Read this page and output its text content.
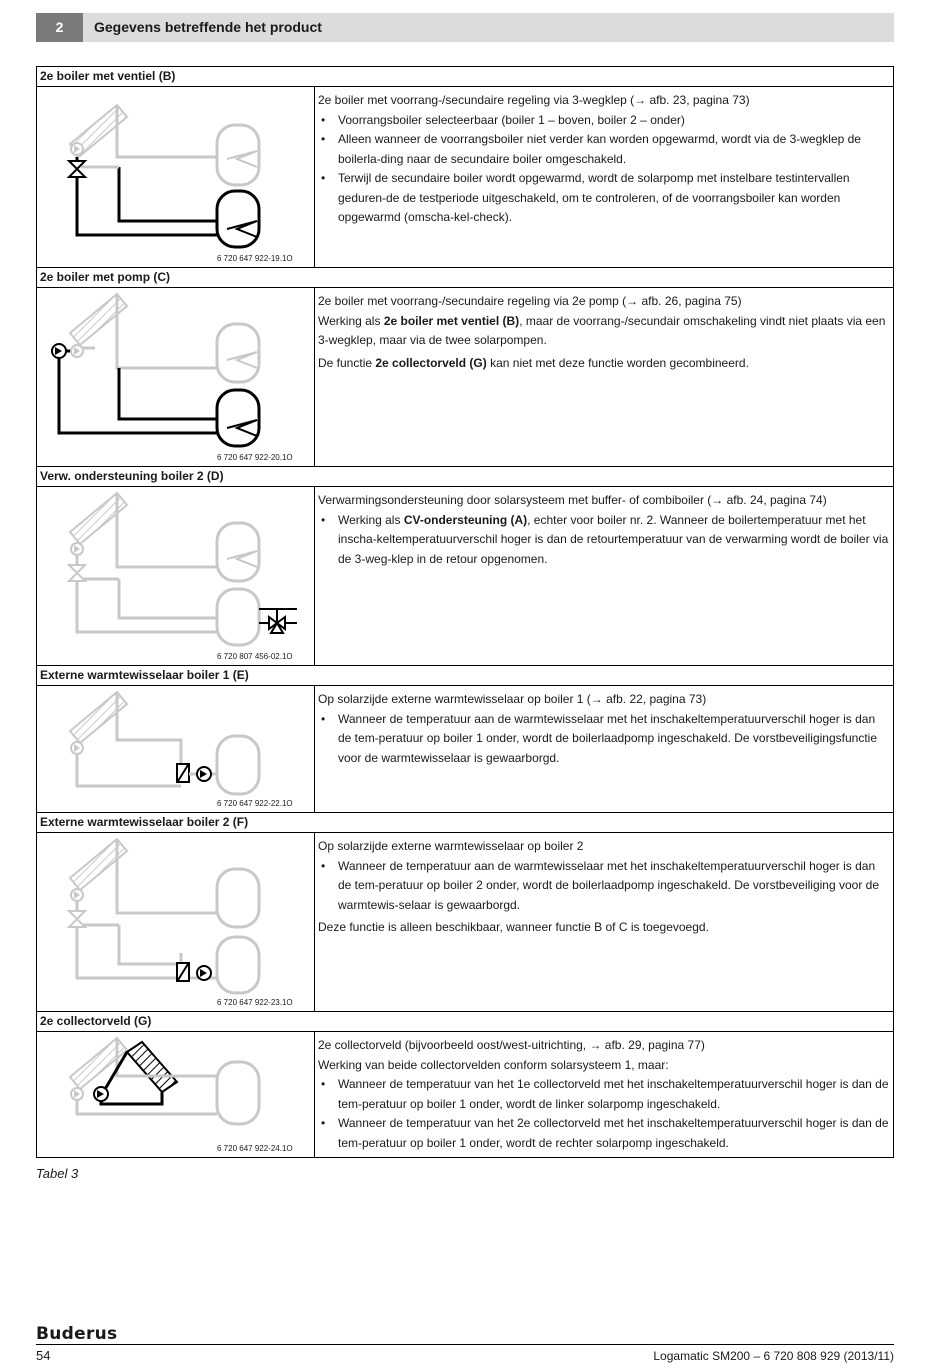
2	Gegevens betreffende het product
2e boiler met ventiel (B)
6 720 647 922-19.1O

2e boiler met voorrang-/secundaire regeling via 3-wegklep (→ afb. 23, pagina 73)

• Voorrangsboiler selecteerbaar (boiler 1 – boven, boiler 2 – onder)
• Alleen wanneer de voorrangsboiler niet verder kan worden opgewarmd, wordt via de 3-wegklep de boilerla-ding naar de secundaire boiler omgeschakeld.
• Terwijl de secundaire boiler wordt opgewarmd, wordt de solarpomp met instelbare testintervallen geduren-de de testperiode uitgeschakeld, om te controleren, of de voorrangsboiler kan worden opgewarmd (omscha-kel-check).
2e boiler met pomp (C)
6 720 647 922-20.1O

2e boiler met voorrang-/secundaire regeling via 2e pomp (→ afb. 26, pagina 75)

Werking als 2e boiler met ventiel (B), maar de voorrang-/secundair omschakeling vindt niet plaats via een 3-wegklep, maar via de twee solarpompen.

De functie 2e collectorveld (G) kan niet met deze functie worden gecombineerd.

Verw. ondersteuning boiler 2 (D)
6 720 807 456-02.1O

Verwarmingsondersteuning door solarsysteem met buffer- of combiboiler (→ afb. 24, pagina 74)

• Werking als CV-ondersteuning (A), echter voor boiler nr. 2. Wanneer de boilertemperatuur met het inscha-keltemperatuurverschil hoger is dan de retourtemperatuur van de verwarming wordt de boiler via de 3-weg-klep in de retour opgenomen.
Externe warmtewisselaar boiler 1 (E)
6 720 647 922-22.1O

Op solarzijde externe warmtewisselaar op boiler 1 (→ afb. 22, pagina 73)

• Wanneer de temperatuur aan de warmtewisselaar met het inschakeltemperatuurverschil hoger is dan de tem-peratuur op boiler 1 onder, wordt de boilerlaadpomp ingeschakeld. De vorstbeveiligingsfunctie voor de warmtewisselaar is gewaarborgd.
Externe warmtewisselaar boiler 2 (F)
6 720 647 922-23.1O

Op solarzijde externe warmtewisselaar op boiler 2

• Wanneer de temperatuur aan de warmtewisselaar met het inschakeltemperatuurverschil hoger is dan de tem-peratuur op boiler 2 onder, wordt de boilerlaadpomp ingeschakeld. De vorstbeveiliging voor de warmtewis-selaar is gewaarborgd.

Deze functie is alleen beschikbaar, wanneer functie B of C is toegevoegd.

2e collectorveld (G)
6 720 647 922-24.1O

2e collectorveld (bijvoorbeeld oost/west-uitrichting, → afb. 29, pagina 77)

Werking van beide collectorvelden conform solarsysteem 1, maar:

• Wanneer de temperatuur van het 1e collectorveld met het inschakeltemperatuurverschil hoger is dan de tem-peratuur op boiler 1 onder, wordt de linker solarpomp ingeschakeld.
• Wanneer de temperatuur van het 2e collectorveld met het inschakeltemperatuurverschil hoger is dan de tem-peratuur op boiler 1 onder, wordt de rechter solarpomp ingeschakeld.
Tabel 3
Buderus
54	Logamatic SM200 – 6 720 808 929 (2013/11)
